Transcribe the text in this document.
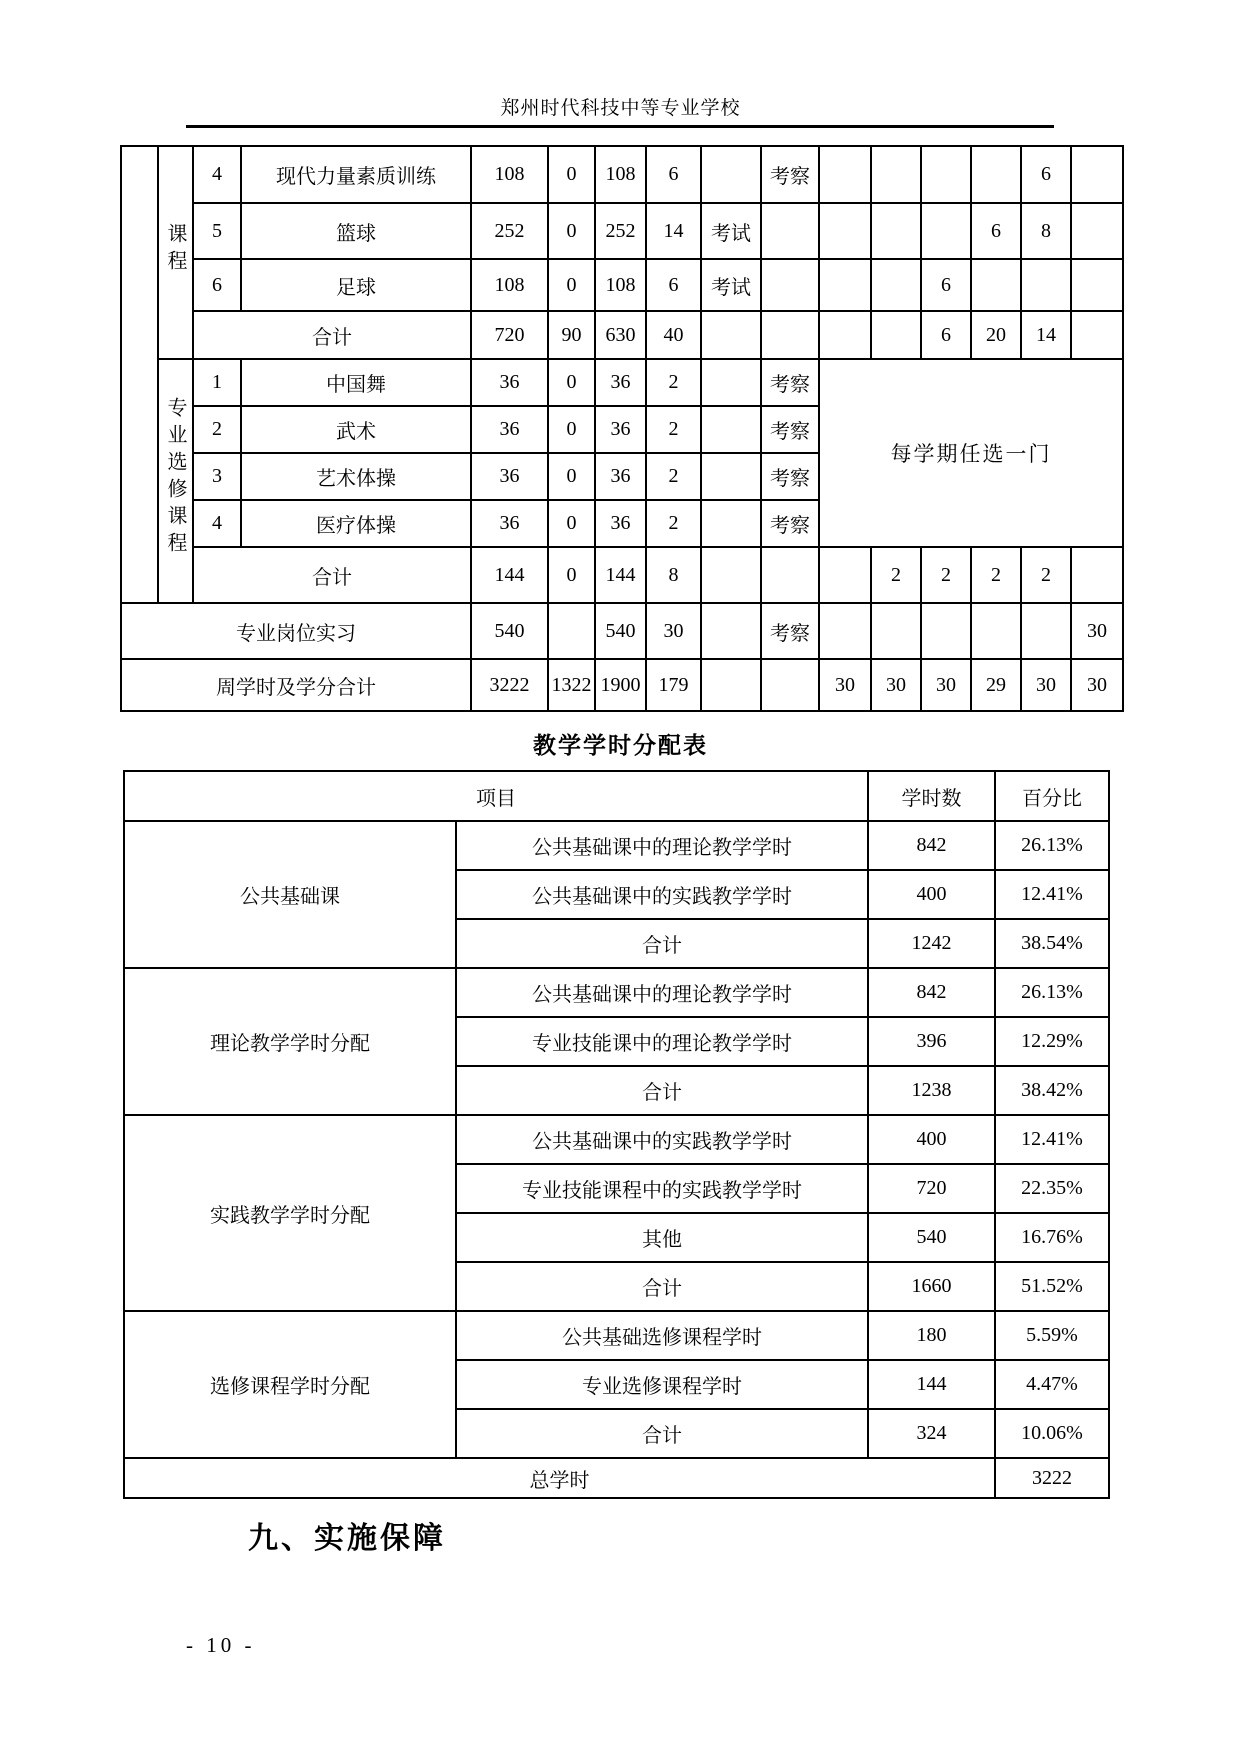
郑州时代科技中等专业学校
	课程	4	现代力量素质训练	108	0	108	6		考察					6	
		5	篮球	252	0	252	14	考试					6	8	
		6	足球	108	0	108	6	考试				6			
		合计		720	90	630	40					6	20	14	
	专业选修课程	1	中国舞	36	0	36	2		考察	每学期任选一门					
		2	武术	36	0	36	2		考察						
		3	艺术体操	36	0	36	2		考察						
		4	医疗体操	36	0	36	2		考察						
		合计		144	0	144	8				2	2	2	2	
专业岗位实习				540		540	30		考察						30
周学时及学分合计				3222	1322	1900	179			30	30	30	29	30	30
教学学时分配表
项目		学时数	百分比
公共基础课	公共基础课中的理论教学学时	842	26.13%
	公共基础课中的实践教学学时	400	12.41%
	合计	1242	38.54%
理论教学学时分配	公共基础课中的理论教学学时	842	26.13%
	专业技能课中的理论教学学时	396	12.29%
	合计	1238	38.42%
实践教学学时分配	公共基础课中的实践教学学时	400	12.41%
	专业技能课程中的实践教学学时	720	22.35%
	其他	540	16.76%
	合计	1660	51.52%
选修课程学时分配	公共基础选修课程学时	180	5.59%
	专业选修课程学时	144	4.47%
	合计	324	10.06%
总学时			3222
九、实施保障
- 10 -
